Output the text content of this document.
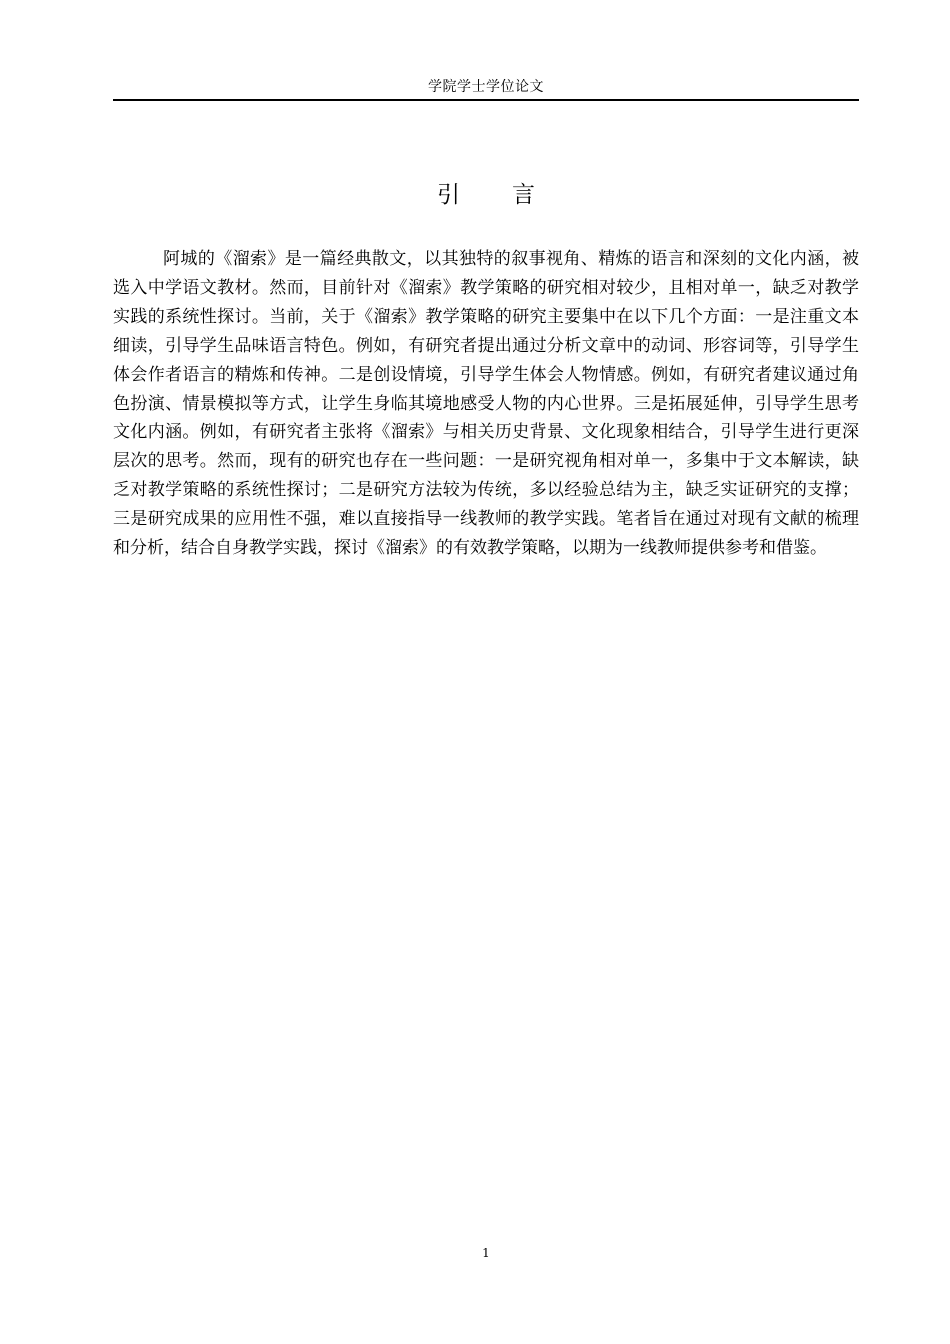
学院学士学位论文
引言

阿城的《溜索》是一篇经典散文，以其独特的叙事视角、精炼的语言和深刻的文化内涵，被选入中学语文教材。然而，目前针对《溜索》教学策略的研究相对较少，且相对单一，缺乏对教学实践的系统性探讨。当前，关于《溜索》教学策略的研究主要集中在以下几个方面：一是注重文本细读，引导学生品味语言特色。例如，有研究者提出通过分析文章中的动词、形容词等，引导学生体会作者语言的精炼和传神。二是创设情境，引导学生体会人物情感。例如，有研究者建议通过角色扮演、情景模拟等方式，让学生身临其境地感受人物的内心世界。三是拓展延伸，引导学生思考文化内涵。例如，有研究者主张将《溜索》与相关历史背景、文化现象相结合，引导学生进行更深层次的思考。然而，现有的研究也存在一些问题：一是研究视角相对单一，多集中于文本解读，缺乏对教学策略的系统性探讨；二是研究方法较为传统，多以经验总结为主，缺乏实证研究的支撑；三是研究成果的应用性不强，难以直接指导一线教师的教学实践。笔者旨在通过对现有文献的梳理和分析，结合自身教学实践，探讨《溜索》的有效教学策略，以期为一线教师提供参考和借鉴。

1
